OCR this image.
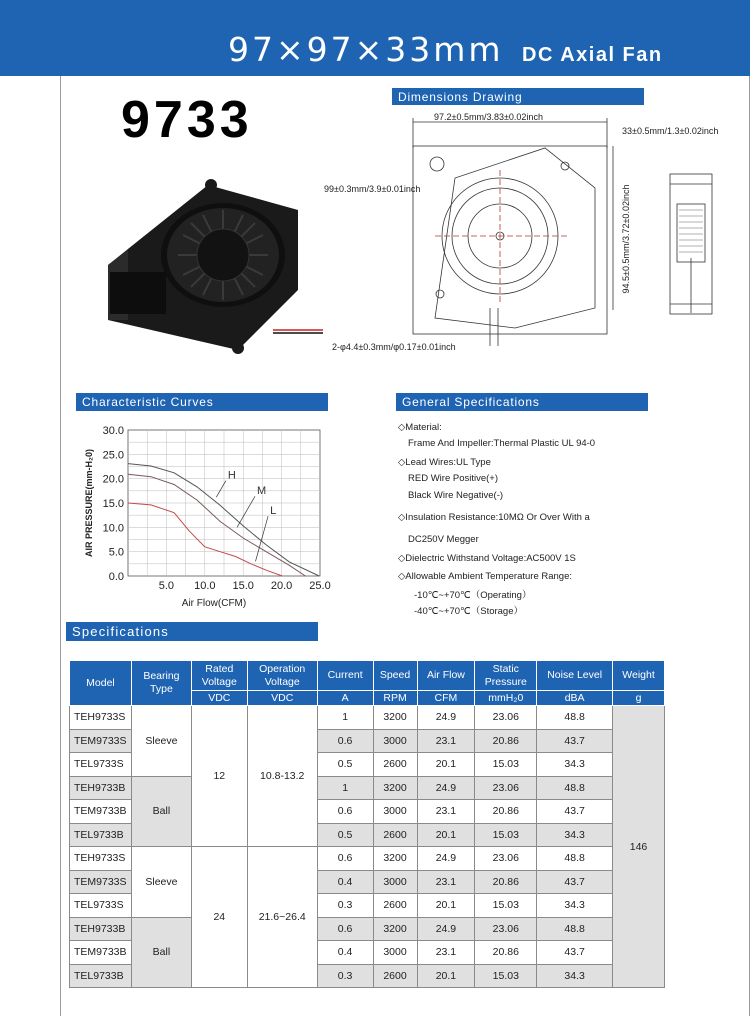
97×97×33mm DC Axial Fan
9733	Dimensions Drawing
97.2±0.5mm/3.83±0.02inch
33±0.5mm/1.3±0.02inch
99±0.3mm/3.9±0.01inch	94.5±0.5mm/3.72±0.02inch
2-φ4.4±0.3mm/φ0.17±0.01inch
Characteristic Curves	General Specifications
0.0
5.0
10.0
15.0
20.0
25.0
30.0
5.0 10.0 15.0 20.0 25.0
H
M
L
Air Flow(CFM)
AIR PRESSURE(mm-H₂0)
◇Material:
Frame And Impeller:Thermal Plastic UL 94-0
◇Lead Wires:UL Type
RED Wire Positive(+)
Black Wire Negative(-)
◇Insulation Resistance:10MΩ Or Over With a
DC250V Megger
◇Dielectric Withstand Voltage:AC500V 1S
◇Allowable Ambient Temperature Range:
-10℃~+70℃（Operating）
-40℃~+70℃（Storage）
Specifications
Model	Bearing Type	Rated Voltage	Operation Voltage	Current	Speed	Air Flow	Static Pressure	Noise Level	Weight
		VDC	VDC	A	RPM	CFM	mmH₂0	dBA	g
TEH9733S	Sleeve	12	10.8-13.2	1	3200	24.9	23.06	48.8	146
TEM9733S				0.6	3000	23.1	20.86	43.7	
TEL9733S				0.5	2600	20.1	15.03	34.3	
TEH9733B	Ball			1	3200	24.9	23.06	48.8	
TEM9733B				0.6	3000	23.1	20.86	43.7	
TEL9733B				0.5	2600	20.1	15.03	34.3	
TEH9733S	Sleeve	24	21.6~26.4	0.6	3200	24.9	23.06	48.8	
TEM9733S				0.4	3000	23.1	20.86	43.7	
TEL9733S				0.3	2600	20.1	15.03	34.3	
TEH9733B	Ball			0.6	3200	24.9	23.06	48.8	
TEM9733B				0.4	3000	23.1	20.86	43.7	
TEL9733B				0.3	2600	20.1	15.03	34.3	
